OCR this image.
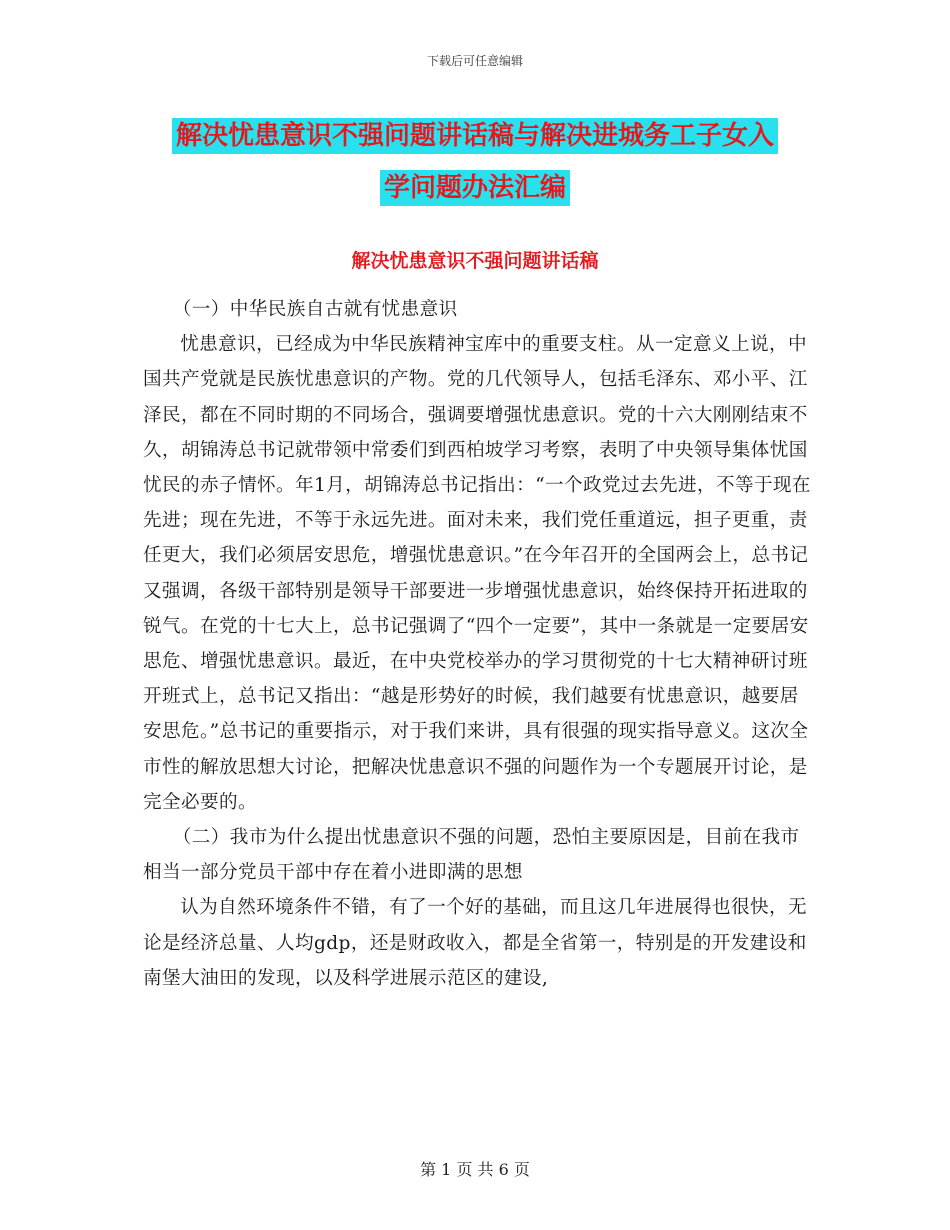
下载后可任意编辑
解决忧患意识不强问题讲话稿与解决进城务工子女入
学问题办法汇编
解决忧患意识不强问题讲话稿

（一）中华民族自古就有忧患意识

忧患意识，已经成为中华民族精神宝库中的重要支柱。从一定意义上说，中国共产党就是民族忧患意识的产物。党的几代领导人，包括毛泽东、邓小平、江泽民，都在不同时期的不同场合，强调要增强忧患意识。党的十六大刚刚结束不久，胡锦涛总书记就带领中常委们到西柏坡学习考察，表明了中央领导集体忧国忧民的赤子情怀。年1月，胡锦涛总书记指出：“一个政党过去先进，不等于现在先进；现在先进，不等于永远先进。面对未来，我们党任重道远，担子更重，责任更大，我们必须居安思危，增强忧患意识。”在今年召开的全国两会上，总书记又强调，各级干部特别是领导干部要进一步增强忧患意识，始终保持开拓进取的锐气。在党的十七大上，总书记强调了“四个一定要”，其中一条就是一定要居安思危、增强忧患意识。最近，在中央党校举办的学习贯彻党的十七大精神研讨班开班式上，总书记又指出：“越是形势好的时候，我们越要有忧患意识，越要居安思危。”总书记的重要指示，对于我们来讲，具有很强的现实指导意义。这次全市性的解放思想大讨论，把解决忧患意识不强的问题作为一个专题展开讨论，是完全必要的。

（二）我市为什么提出忧患意识不强的问题，恐怕主要原因是，目前在我市相当一部分党员干部中存在着小进即满的思想

认为自然环境条件不错，有了一个好的基础，而且这几年进展得也很快，无论是经济总量、人均gdp，还是财政收入，都是全省第一，特别是的开发建设和南堡大油田的发现，以及科学进展示范区的建设,

第 1 页 共 6 页
